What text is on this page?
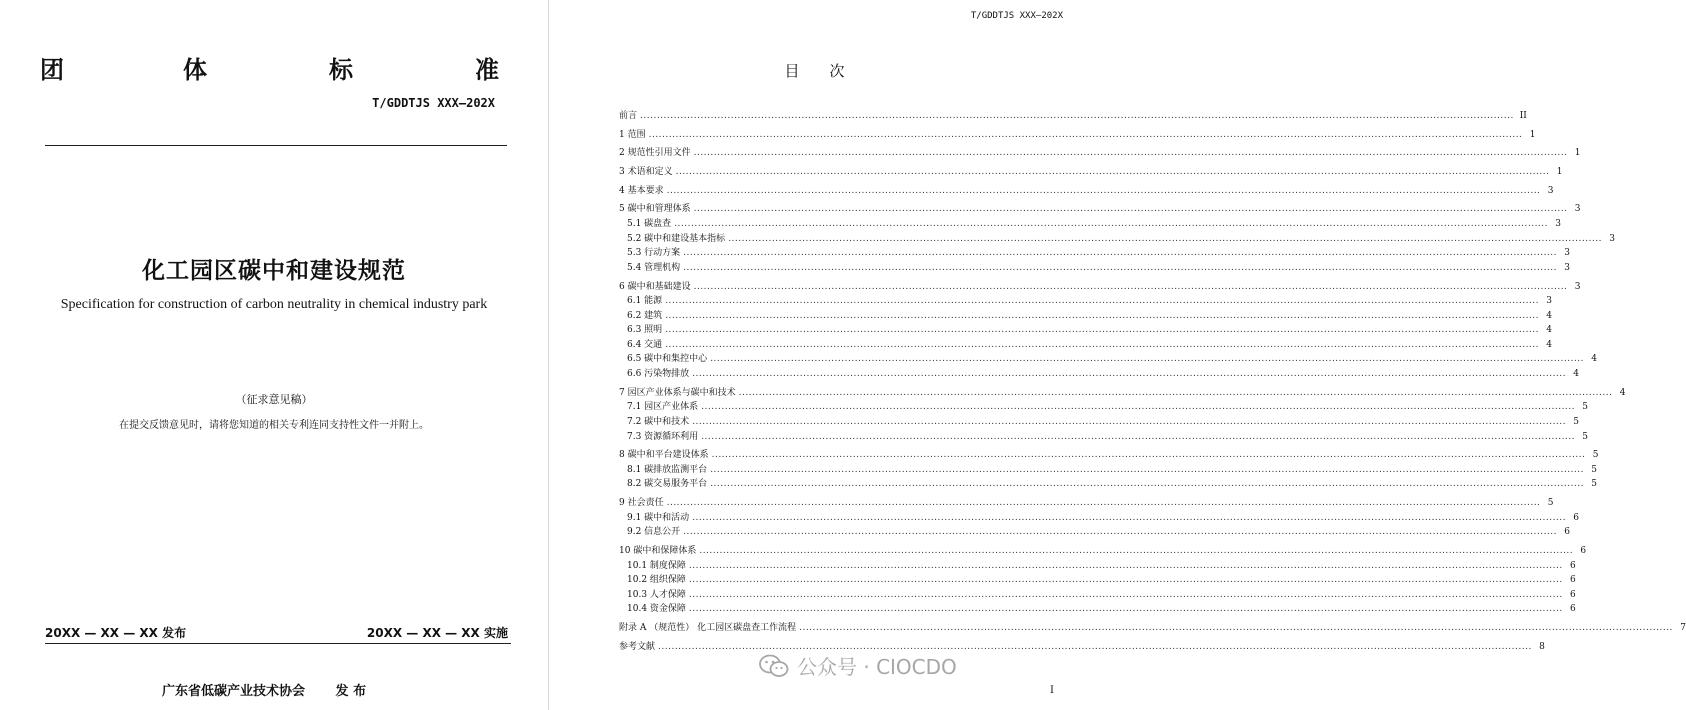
团	体	标	准
T/GDDTJS XXX—202X
化工园区碳中和建设规范
Specification for construction of carbon neutrality in chemical industry park
（征求意见稿）
在提交反馈意见时，请将您知道的相关专利连同支持性文件一并附上。
20XX — XX — XX 发布	20XX — XX — XX 实施
广东省低碳产业技术协会 发 布
T/GDDTJS XXX—202X
目次
前言 .................................................................................................................................................................................................................................................................... II
1 范围 .................................................................................................................................................................................................................................................................... 1
2 规范性引用文件 .................................................................................................................................................................................................................................................................... 1
3 术语和定义 .................................................................................................................................................................................................................................................................... 1
4 基本要求 .................................................................................................................................................................................................................................................................... 3
5 碳中和管理体系 .................................................................................................................................................................................................................................................................... 3
5.1 碳盘查 .................................................................................................................................................................................................................................................................... 3
5.2 碳中和建设基本指标 .................................................................................................................................................................................................................................................................... 3
5.3 行动方案 .................................................................................................................................................................................................................................................................... 3
5.4 管理机构 .................................................................................................................................................................................................................................................................... 3
6 碳中和基础建设 .................................................................................................................................................................................................................................................................... 3
6.1 能源 .................................................................................................................................................................................................................................................................... 3
6.2 建筑 .................................................................................................................................................................................................................................................................... 4
6.3 照明 .................................................................................................................................................................................................................................................................... 4
6.4 交通 .................................................................................................................................................................................................................................................................... 4
6.5 碳中和集控中心 .................................................................................................................................................................................................................................................................... 4
6.6 污染物排放 .................................................................................................................................................................................................................................................................... 4
7 园区产业体系与碳中和技术 .................................................................................................................................................................................................................................................................... 4
7.1 园区产业体系 .................................................................................................................................................................................................................................................................... 5
7.2 碳中和技术 .................................................................................................................................................................................................................................................................... 5
7.3 资源循环利用 .................................................................................................................................................................................................................................................................... 5
8 碳中和平台建设体系 .................................................................................................................................................................................................................................................................... 5
8.1 碳排放监测平台 .................................................................................................................................................................................................................................................................... 5
8.2 碳交易服务平台 .................................................................................................................................................................................................................................................................... 5
9 社会责任 .................................................................................................................................................................................................................................................................... 5
9.1 碳中和活动 .................................................................................................................................................................................................................................................................... 6
9.2 信息公开 .................................................................................................................................................................................................................................................................... 6
10 碳中和保障体系 .................................................................................................................................................................................................................................................................... 6
10.1 制度保障 .................................................................................................................................................................................................................................................................... 6
10.2 组织保障 .................................................................................................................................................................................................................................................................... 6
10.3 人才保障 .................................................................................................................................................................................................................................................................... 6
10.4 资金保障 .................................................................................................................................................................................................................................................................... 6
附录 A （规范性） 化工园区碳盘查工作流程 .................................................................................................................................................................................................................................................................... 7
参考文献 .................................................................................................................................................................................................................................................................... 8
公众号 · CIOCDO
I
